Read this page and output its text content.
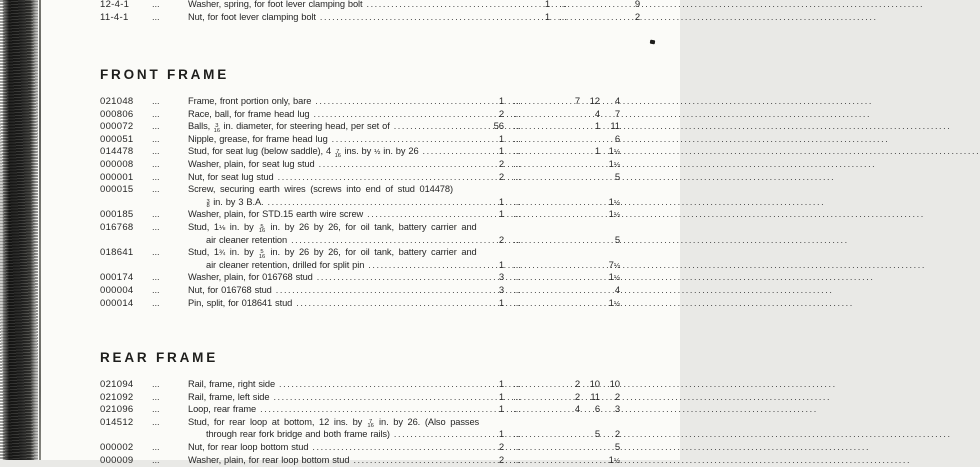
12-4-1	...	Washer, spring, for foot lever clamping bolt .....	1 ...	9
11-4-1	...	Nut, for foot lever clamping bolt .....	1 ...	2
FRONT FRAME
021048	...	Frame, front portion only, bare .....	1 ...	7	12	4
000806	...	Race, ball, for frame head lug .....	2 ...	4	7
000072	...	Balls, 3
16 in. diameter, for steering head, per set of .....	56 ...	1	11
000051	...	Nipple, grease, for frame head lug .....	1 ...	6
014478	...	Stud, for seat lug (below saddle), 4 7
16 ins. by ½ in. by 26 .....	1 ...	1 1½
000008	...	Washer, plain, for seat lug stud .....	2 ...	1½
000001	...	Nut, for seat lug stud .....	2 ...	5
000015	...	Screw, securing earth wires (screws into end of stud 014478)
3
8 in. by 3 B.A. .....	1 ...	1½
000185	...	Washer, plain, for STD.15 earth wire screw .....	1 ...	1½
016768	...	Stud, 1⅛ in. by 5
16 in. by 26 by 26, for oil tank, battery carrier and
air cleaner retention .....	2 ...	5
018641	...	Stud, 1¾ in. by 5
16 in. by 26 by 26, for oil tank, battery carrier and
air cleaner retention, drilled for split pin .....	1 ...	7½
000174	...	Washer, plain, for 016768 stud .....	3 ...	1½
000004	...	Nut, for 016768 stud .....	3 ...	4
000014	...	Pin, split, for 018641 stud .....	1 ...	1½
REAR FRAME
021094	...	Rail, frame, right side .....	1 ...	2	10	10
021092	...	Rail, frame, left side .....	1 ...	2	11	2
021096	...	Loop, rear frame .....	1 ...	4	6	3
014512	...	Stud, for rear loop at bottom, 12 ins. by 7
16 in. by 26. (Also passes
through rear fork bridge and both frame rails) .....	1 ...	5	2
000002	...	Nut, for rear loop bottom stud .....	2 ...	5
000009	...	Washer, plain, for rear loop bottom stud .....	2 ...	1½
